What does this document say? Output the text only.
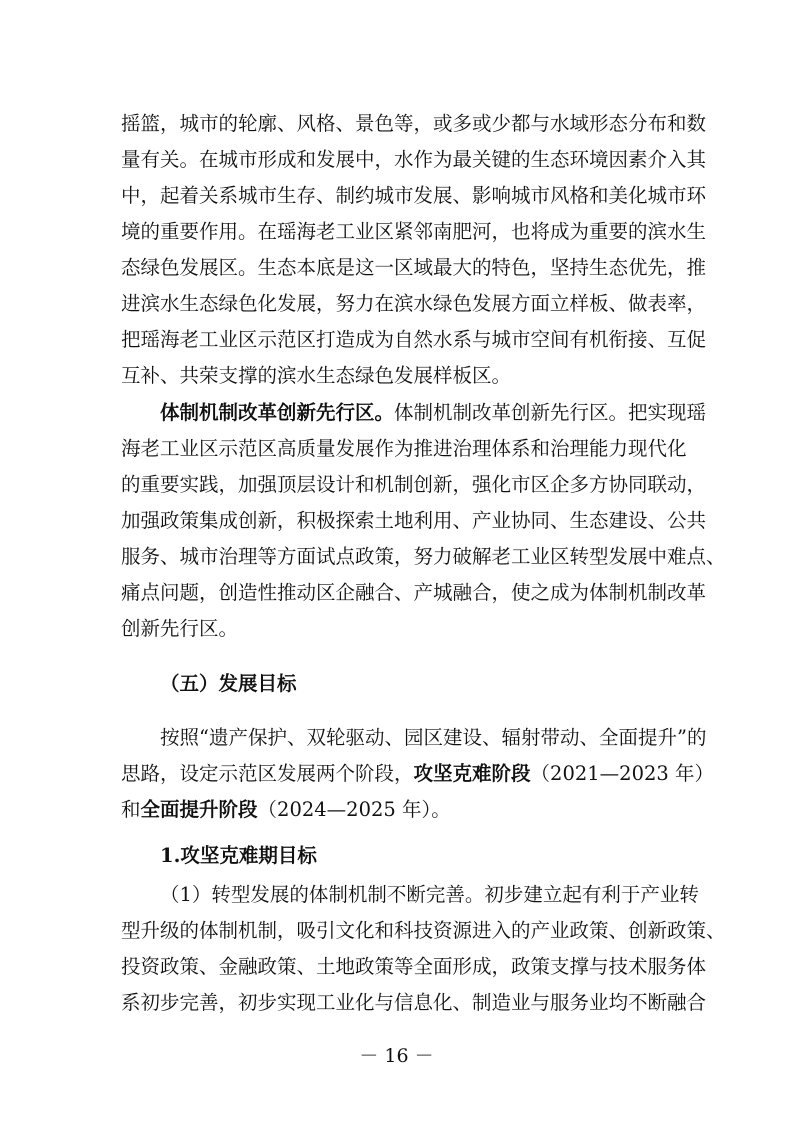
摇篮，城市的轮廓、风格、景色等，或多或少都与水域形态分布和数
量有关。在城市形成和发展中，水作为最关键的生态环境因素介入其
中，起着关系城市生存、制约城市发展、影响城市风格和美化城市环
境的重要作用。在瑶海老工业区紧邻南肥河，也将成为重要的滨水生
态绿色发展区。生态本底是这一区域最大的特色，坚持生态优先，推
进滨水生态绿色化发展，努力在滨水绿色发展方面立样板、做表率，
把瑶海老工业区示范区打造成为自然水系与城市空间有机衔接、互促
互补、共荣支撑的滨水生态绿色发展样板区。
体制机制改革创新先行区。体制机制改革创新先行区。把实现瑶
海老工业区示范区高质量发展作为推进治理体系和治理能力现代化
的重要实践，加强顶层设计和机制创新，强化市区企多方协同联动，
加强政策集成创新，积极探索土地利用、产业协同、生态建设、公共
服务、城市治理等方面试点政策，努力破解老工业区转型发展中难点、
痛点问题，创造性推动区企融合、产城融合，使之成为体制机制改革
创新先行区。
（五）发展目标
按照“遗产保护、双轮驱动、园区建设、辐射带动、全面提升”的
思路，设定示范区发展两个阶段，攻坚克难阶段（2021—2023 年）
和全面提升阶段（2024—2025 年）。
1.攻坚克难期目标
（1）转型发展的体制机制不断完善。初步建立起有利于产业转
型升级的体制机制，吸引文化和科技资源进入的产业政策、创新政策、
投资政策、金融政策、土地政策等全面形成，政策支撑与技术服务体
系初步完善，初步实现工业化与信息化、制造业与服务业均不断融合
－ 16 －
